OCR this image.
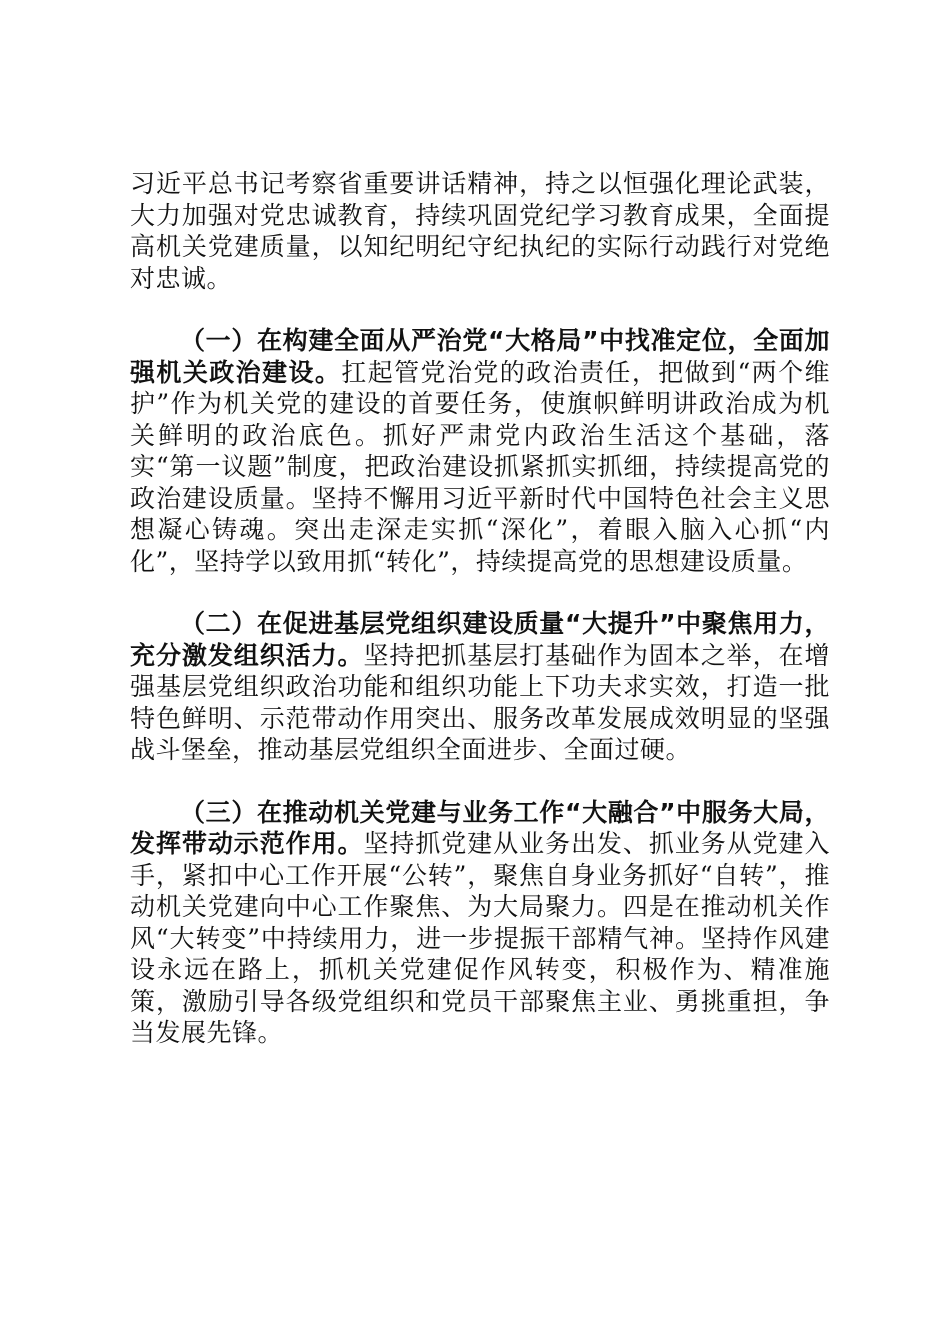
习近平总书记考察省重要讲话精神，持之以恒强化理论武装，大力加强对党忠诚教育，持续巩固党纪学习教育成果，全面提高机关党建质量，以知纪明纪守纪执纪的实际行动践行对党绝对忠诚。

（一）在构建全面从严治党“大格局”中找准定位，全面加强机关政治建设。扛起管党治党的政治责任，把做到“两个维护”作为机关党的建设的首要任务，使旗帜鲜明讲政治成为机关鲜明的政治底色。抓好严肃党内政治生活这个基础，落实“第一议题”制度，把政治建设抓紧抓实抓细，持续提高党的政治建设质量。坚持不懈用习近平新时代中国特色社会主义思想凝心铸魂。突出走深走实抓“深化”，着眼入脑入心抓“内化”，坚持学以致用抓“转化”，持续提高党的思想建设质量。

（二）在促进基层党组织建设质量“大提升”中聚焦用力，充分激发组织活力。坚持把抓基层打基础作为固本之举，在增强基层党组织政治功能和组织功能上下功夫求实效，打造一批特色鲜明、示范带动作用突出、服务改革发展成效明显的坚强战斗堡垒，推动基层党组织全面进步、全面过硬。

（三）在推动机关党建与业务工作“大融合”中服务大局，发挥带动示范作用。坚持抓党建从业务出发、抓业务从党建入手，紧扣中心工作开展“公转”，聚焦自身业务抓好“自转”，推动机关党建向中心工作聚焦、为大局聚力。四是在推动机关作风“大转变”中持续用力，进一步提振干部精气神。坚持作风建设永远在路上，抓机关党建促作风转变，积极作为、精准施策，激励引导各级党组织和党员干部聚焦主业、勇挑重担，争当发展先锋。
